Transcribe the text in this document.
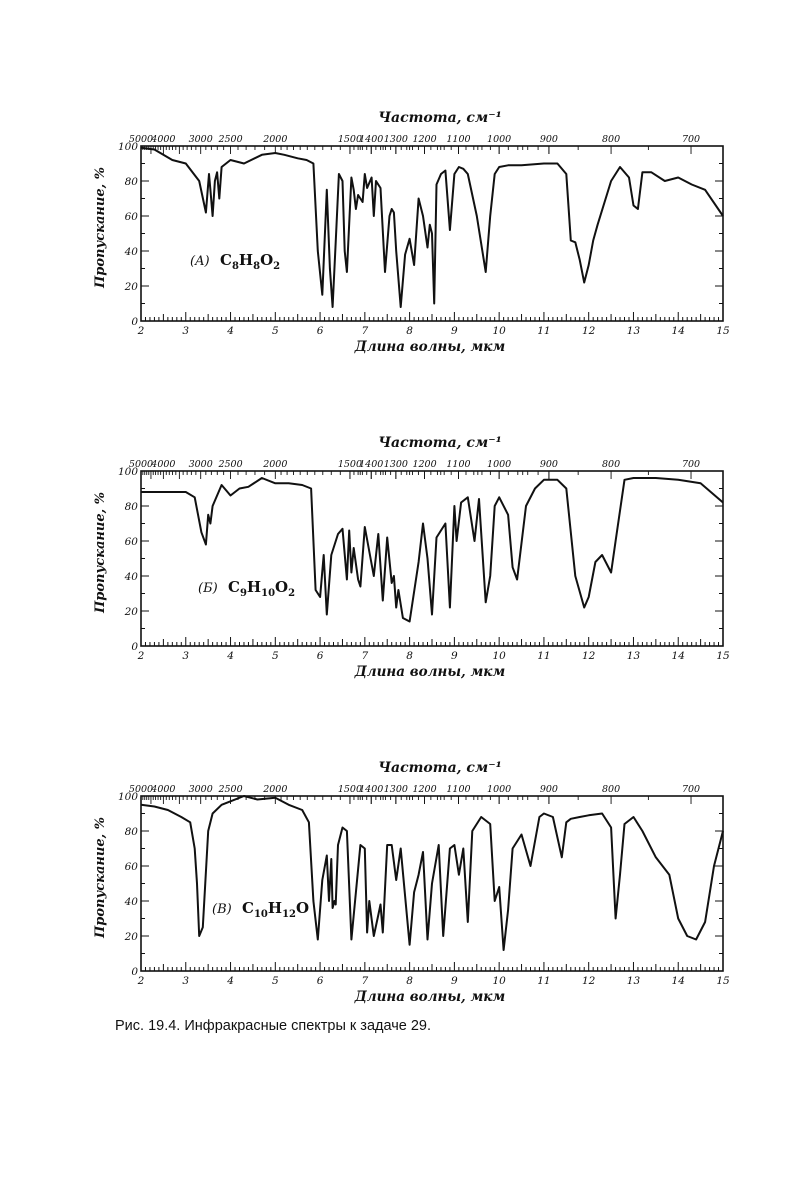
2	3	4	5	6	7	8	9	10	11	12	13	14	15
5000
4000 3000 2500 2000	1500
1400 1300 1200 1100 1000	900	800	700
0
20
40
60
80
100
Частота, см⁻¹
Длина волны, мкм
Пропускание, %	(A) $C_8H_8O_2$
2	3	4	5	6	7	8	9	10	11	12	13	14	15
5000
4000 3000 2500 2000	1500
1400 1300 1200 1100 1000	900	800	700
0
20
40
60
80
100
Частота, см⁻¹
Длина волны, мкм
Пропускание, %	(Б) $C_9H_{10}O_2$
2	3	4	5	6	7	8	9	10	11	12	13	14	15
5000
4000 3000 2500 2000	1500
1400 1300 1200 1100 1000	900	800	700
0
20
40
60
80
100
Частота, см⁻¹
Длина волны, мкм
Пропускание, %	(В) $C_{10}H_{12}O$
Рис. 19.4. Инфракрасные спектры к задаче 29.
